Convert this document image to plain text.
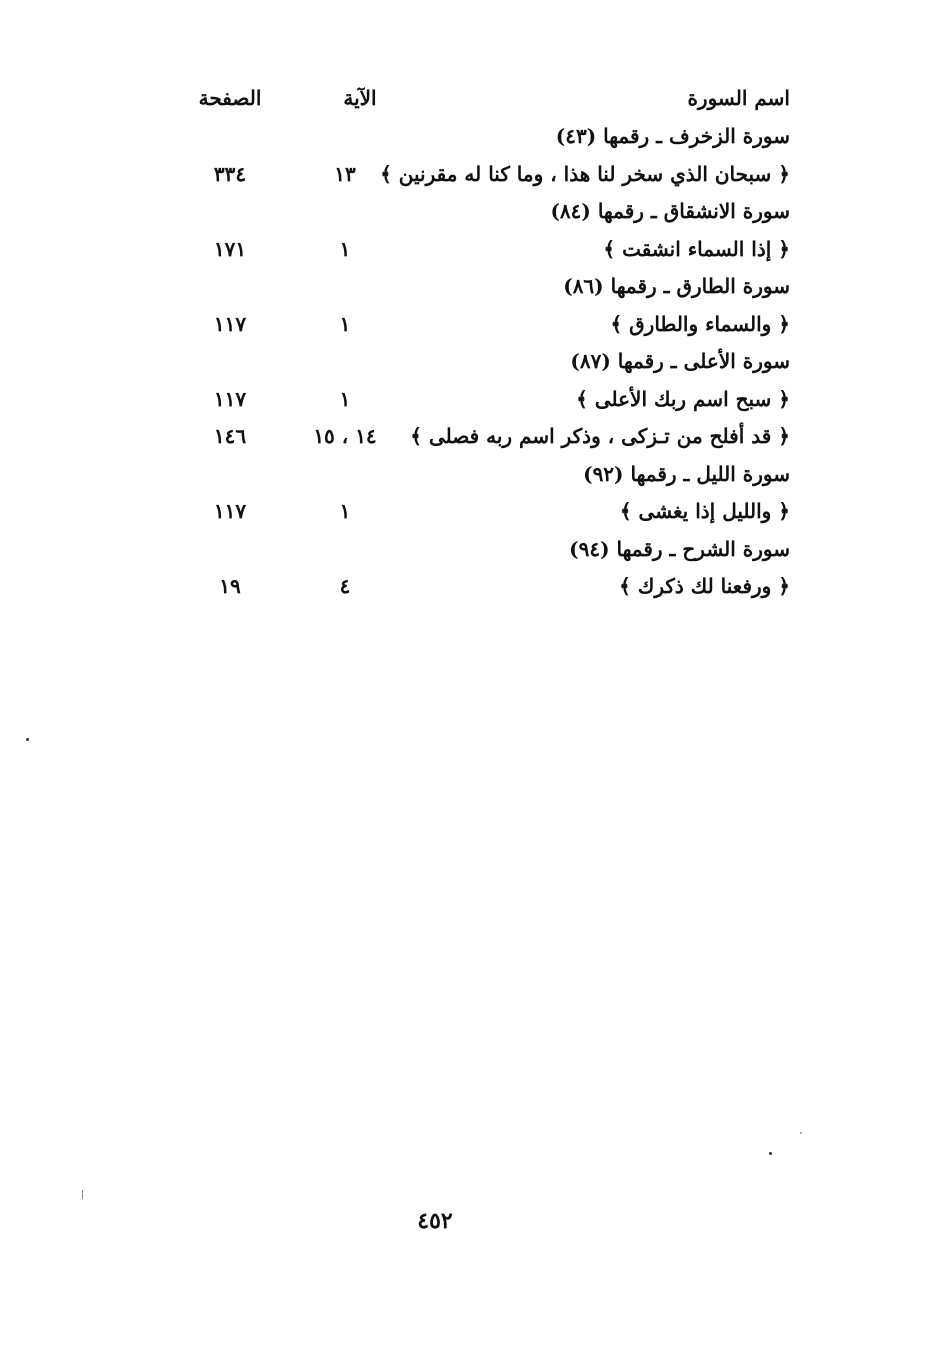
اسم السورة
الآية
الصفحة
سورة الزخرف ـ رقمها (٤٣)
﴿ سبحان الذي سخر لنا هذا ، وما كنا له مقرنين ﴾
١٣
٣٣٤
سورة الانشقاق ـ رقمها (٨٤)
﴿ إذا السماء انشقت ﴾
١
١٧١
سورة الطارق ـ رقمها (٨٦)
﴿ والسماء والطارق ﴾
١
١١٧
سورة الأعلى ـ رقمها (٨٧)
﴿ سبح اسم ربك الأعلى ﴾
١
١١٧
﴿ قد أفلح من تـزكى ، وذكر اسم ربه فصلى ﴾
١٤ ، ١٥
١٤٦
سورة الليل ـ رقمها (٩٢)
﴿ والليل إذا يغشى ﴾
١
١١٧
سورة الشرح ـ رقمها (٩٤)
﴿ ورفعنا لك ذكرك ﴾
٤
١٩
٤٥٢
